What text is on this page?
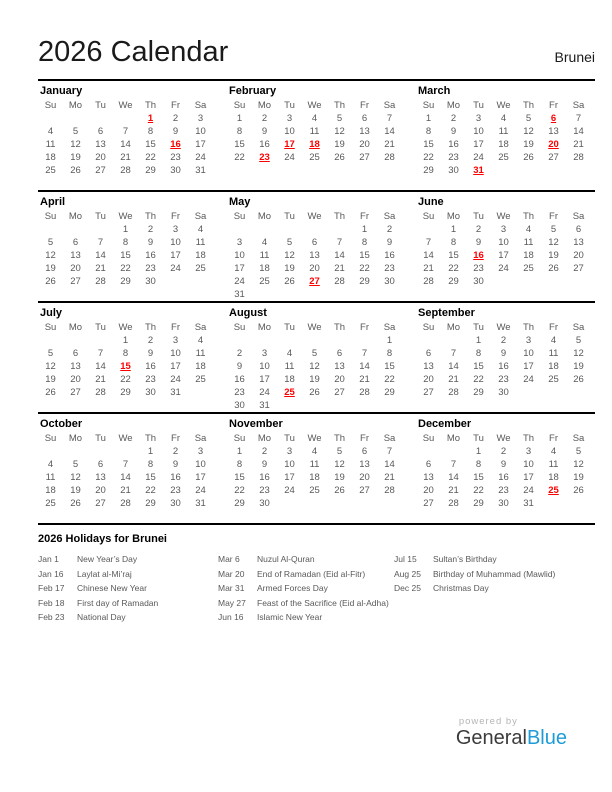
2026 Calendar	Brunei
January
Su	Mo	Tu	We	Th	Fr	Sa
				1	2	3
4	5	6	7	8	9	10
11	12	13	14	15	16	17
18	19	20	21	22	23	24
25	26	27	28	29	30	31
February
Su	Mo	Tu	We	Th	Fr	Sa
1	2	3	4	5	6	7
8	9	10	11	12	13	14
15	16	17	18	19	20	21
22	23	24	25	26	27	28
March
Su	Mo	Tu	We	Th	Fr	Sa
1	2	3	4	5	6	7
8	9	10	11	12	13	14
15	16	17	18	19	20	21
22	23	24	25	26	27	28
29	30	31				
April
Su	Mo	Tu	We	Th	Fr	Sa
			1	2	3	4
5	6	7	8	9	10	11
12	13	14	15	16	17	18
19	20	21	22	23	24	25
26	27	28	29	30		
May
Su	Mo	Tu	We	Th	Fr	Sa
					1	2
3	4	5	6	7	8	9
10	11	12	13	14	15	16
17	18	19	20	21	22	23
24	25	26	27	28	29	30
31						
June
Su	Mo	Tu	We	Th	Fr	Sa
	1	2	3	4	5	6
7	8	9	10	11	12	13
14	15	16	17	18	19	20
21	22	23	24	25	26	27
28	29	30				
July
Su	Mo	Tu	We	Th	Fr	Sa
			1	2	3	4
5	6	7	8	9	10	11
12	13	14	15	16	17	18
19	20	21	22	23	24	25
26	27	28	29	30	31	
August
Su	Mo	Tu	We	Th	Fr	Sa
						1
2	3	4	5	6	7	8
9	10	11	12	13	14	15
16	17	18	19	20	21	22
23	24	25	26	27	28	29
30	31					
September
Su	Mo	Tu	We	Th	Fr	Sa
		1	2	3	4	5
6	7	8	9	10	11	12
13	14	15	16	17	18	19
20	21	22	23	24	25	26
27	28	29	30			
October
Su	Mo	Tu	We	Th	Fr	Sa
				1	2	3
4	5	6	7	8	9	10
11	12	13	14	15	16	17
18	19	20	21	22	23	24
25	26	27	28	29	30	31
November
Su	Mo	Tu	We	Th	Fr	Sa
1	2	3	4	5	6	7
8	9	10	11	12	13	14
15	16	17	18	19	20	21
22	23	24	25	26	27	28
29	30					
December
Su	Mo	Tu	We	Th	Fr	Sa
		1	2	3	4	5
6	7	8	9	10	11	12
13	14	15	16	17	18	19
20	21	22	23	24	25	26
27	28	29	30	31		
2026 Holidays for Brunei
Jan 1	New Year’s Day
Jan 16	Laylat al-Mi’raj
Feb 17	Chinese New Year
Feb 18	First day of Ramadan
Feb 23	National Day
Mar 6	Nuzul Al-Quran
Mar 20	End of Ramadan (Eid al-Fitr)
Mar 31	Armed Forces Day
May 27	Feast of the Sacrifice (Eid al-Adha)
Jun 16	Islamic New Year
Jul 15	Sultan’s Birthday
Aug 25	Birthday of Muhammad (Mawlid)
Dec 25	Christmas Day
powered by
GeneralBlue
